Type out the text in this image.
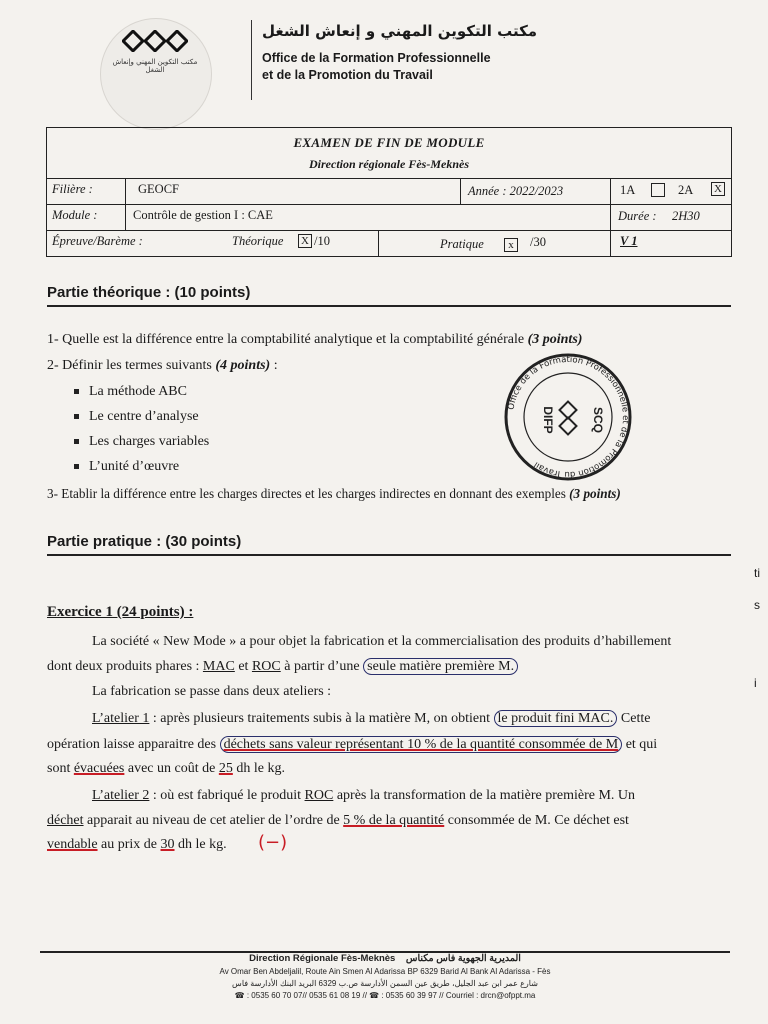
مكتب التكوين المهني وإنعاش الشغل
مكتب التكوين المهني و إنعاش الشغل
Office de la Formation Professionnelle
et de la Promotion du Travail
EXAMEN DE FIN DE MODULE
Direction régionale Fès-Meknès
Filière :	GEOCF	Année : 2022/2023	1A	2A X
Module :	Contrôle de gestion I : CAE	Durée : 2H30
Épreuve/Barème :	Théorique X /10	Pratique	x	/30	V 1
Partie théorique : (10 points)
1- Quelle est la différence entre la comptabilité analytique et la comptabilité générale (3 points)
2- Définir les termes suivants (4 points) :
La méthode ABC
Le centre d’analyse
Les charges variables
L’unité d’œuvre
3- Etablir la différence entre les charges directes et les charges indirectes en donnant des exemples (3 points)
Office de la Formation Professionnelle et de la Promotion du Travail
DIFP	SCQ
Partie pratique : (30 points)
Exercice 1 (24 points) :
La société « New Mode » a pour objet la fabrication et la commercialisation des produits d’habillement
dont deux produits phares : MAC et ROC à partir d’une seule matière première M.
La fabrication se passe dans deux ateliers :
L’atelier 1 : après plusieurs traitements subis à la matière M, on obtient le produit fini MAC. Cette
opération laisse apparaitre des déchets sans valeur représentant 10 % de la quantité consommée de M et qui
sont évacuées avec un coût de 25 dh le kg.
L’atelier 2 : où est fabriqué le produit ROC après la transformation de la matière première M. Un
déchet apparait au niveau de cet atelier de l’ordre de 5 % de la quantité consommée de M. Ce déchet est
vendable au prix de 30 dh le kg. (−)
ti
s
i
Direction Régionale Fès-Meknès المديرية الجهوية فاس مكناس
Av Omar Ben Abdeljalil, Route Ain Smen Al Adarissa BP 6329 Barid Al Bank Al Adarissa - Fès
شارع عمر ابن عبد الجليل، طريق عين السمن الأدارسة ص.ب 6329 البريد البنك الأدارسة فاس
☎ : 0535 60 70 07// 0535 61 08 19 // ☎ : 0535 60 39 97 // Courriel : drcn@ofppt.ma
